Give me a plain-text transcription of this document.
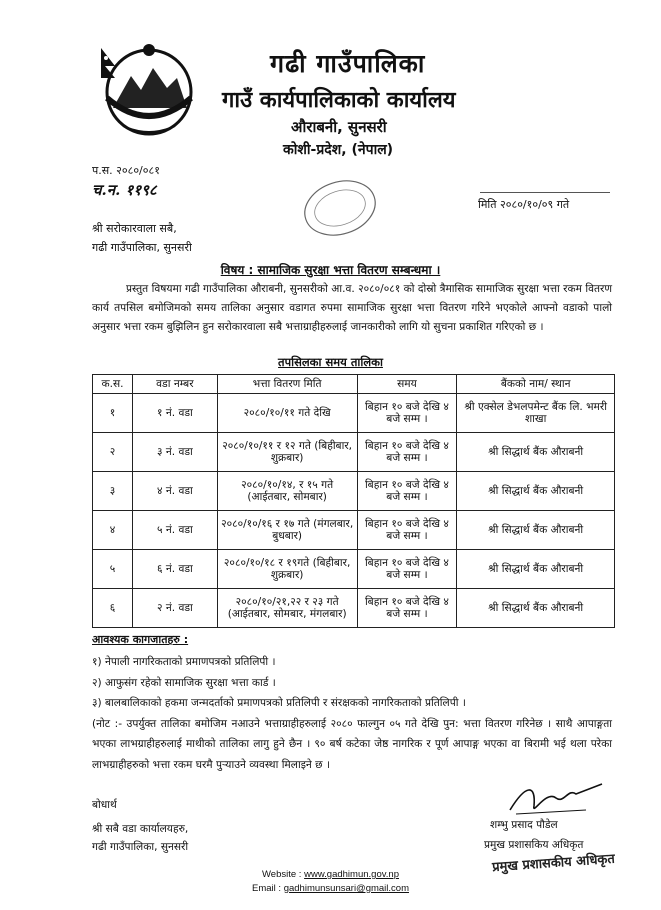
गढी गाउँपालिका
गाउँ कार्यपालिकाको कार्यालय
औराबनी, सुनसरी
कोशी-प्रदेश, (नेपाल)
प.स. २०८०/०८१
च.न. ११९८
मिति २०८०/१०/०९ गते
श्री सरोकारवाला सबै,
गढी गाउँपालिका, सुनसरी
विषय : सामाजिक सुरक्षा भत्ता वितरण सम्बन्धमा ।

प्रस्तुत विषयमा गढी गाउँपालिका औराबनी, सुनसरीको आ.व. २०८०/०८१ को दोस्रो त्रैमासिक सामाजिक सुरक्षा भत्ता रकम वितरण कार्य तपसिल बमोजिमको समय तालिका अनुसार वडागत रुपमा सामाजिक सुरक्षा भत्ता वितरण गरिने भएकोले आफ्नो वडाको पालो अनुसार भत्ता रकम बुझिलिन हुन सरोकारवाला सबै भत्ताग्राहीहरुलाई जानकारीको लागि यो सुचना प्रकाशित गरिएको छ ।

तपसिलका समय तालिका
क.स.	वडा नम्बर	भत्ता वितरण मिति	समय	बैंकको नाम/ स्थान
१	१ नं. वडा	२०८०/१०/११ गते देखि	बिहान १० बजे देखि ४ बजे सम्म ।	श्री एक्सेल डेभलपमेन्ट बैंक लि. भमरी शाखा
२	३ नं. वडा	२०८०/१०/११ र १२ गते (बिहीबार, शुक्रबार)	बिहान १० बजे देखि ४ बजे सम्म ।	श्री सिद्धार्थ बैंक औराबनी
३	४ नं. वडा	२०८०/१०/१४, र १५ गते (आईतबार, सोमबार)	बिहान १० बजे देखि ४ बजे सम्म ।	श्री सिद्धार्थ बैंक औराबनी
४	५ नं. वडा	२०८०/१०/१६ र १७ गते (मंगलबार, बुधबार)	बिहान १० बजे देखि ४ बजे सम्म ।	श्री सिद्धार्थ बैंक औराबनी
५	६ नं. वडा	२०८०/१०/१८ र १९गते (बिहीबार, शुक्रबार)	बिहान १० बजे देखि ४ बजे सम्म ।	श्री सिद्धार्थ बैंक औराबनी
६	२ नं. वडा	२०८०/१०/२१,२२ र २३ गते (आईतबार, सोमबार, मंगलबार)	बिहान १० बजे देखि ४ बजे सम्म ।	श्री सिद्धार्थ बैंक औराबनी
आवश्यक कागजातहरु :
१) नेपाली नागरिकताको प्रमाणपत्रको प्रतिलिपी ।
२) आफुसंग रहेको सामाजिक सुरक्षा भत्ता कार्ड ।
३) बालबालिकाको हकमा जन्मदर्ताको प्रमाणपत्रको प्रतिलिपी र संरक्षकको नागरिकताको प्रतिलिपी ।
(नोट :- उपर्युक्त तालिका बमोजिम नआउने भत्ताग्राहीहरुलाई २०८० फाल्गुन ०५ गते देखि पुन: भत्ता वितरण गरिनेछ । साथै आपाङ्गता भएका लाभग्राहीहरुलाई माथीको तालिका लागु हुने छैन । ९० बर्ष कटेका जेष्ठ नागरिक र पूर्ण आपाङ्ग भएका वा बिरामी भई थला परेका लाभग्राहीहरुको भत्ता रकम घरमै पुऱ्याउने व्यवस्था मिलाइने छ ।
बोधार्थ
श्री सबै वडा कार्यालयहरु,
गढी गाउँपालिका, सुनसरी
शम्भु प्रसाद पौडेल
प्रमुख प्रशासकिय अधिकृत
प्रमुख प्रशासकीय अधिकृत
Website : www.gadhimun.gov.np
Email : gadhimunsunsari@gmail.com
